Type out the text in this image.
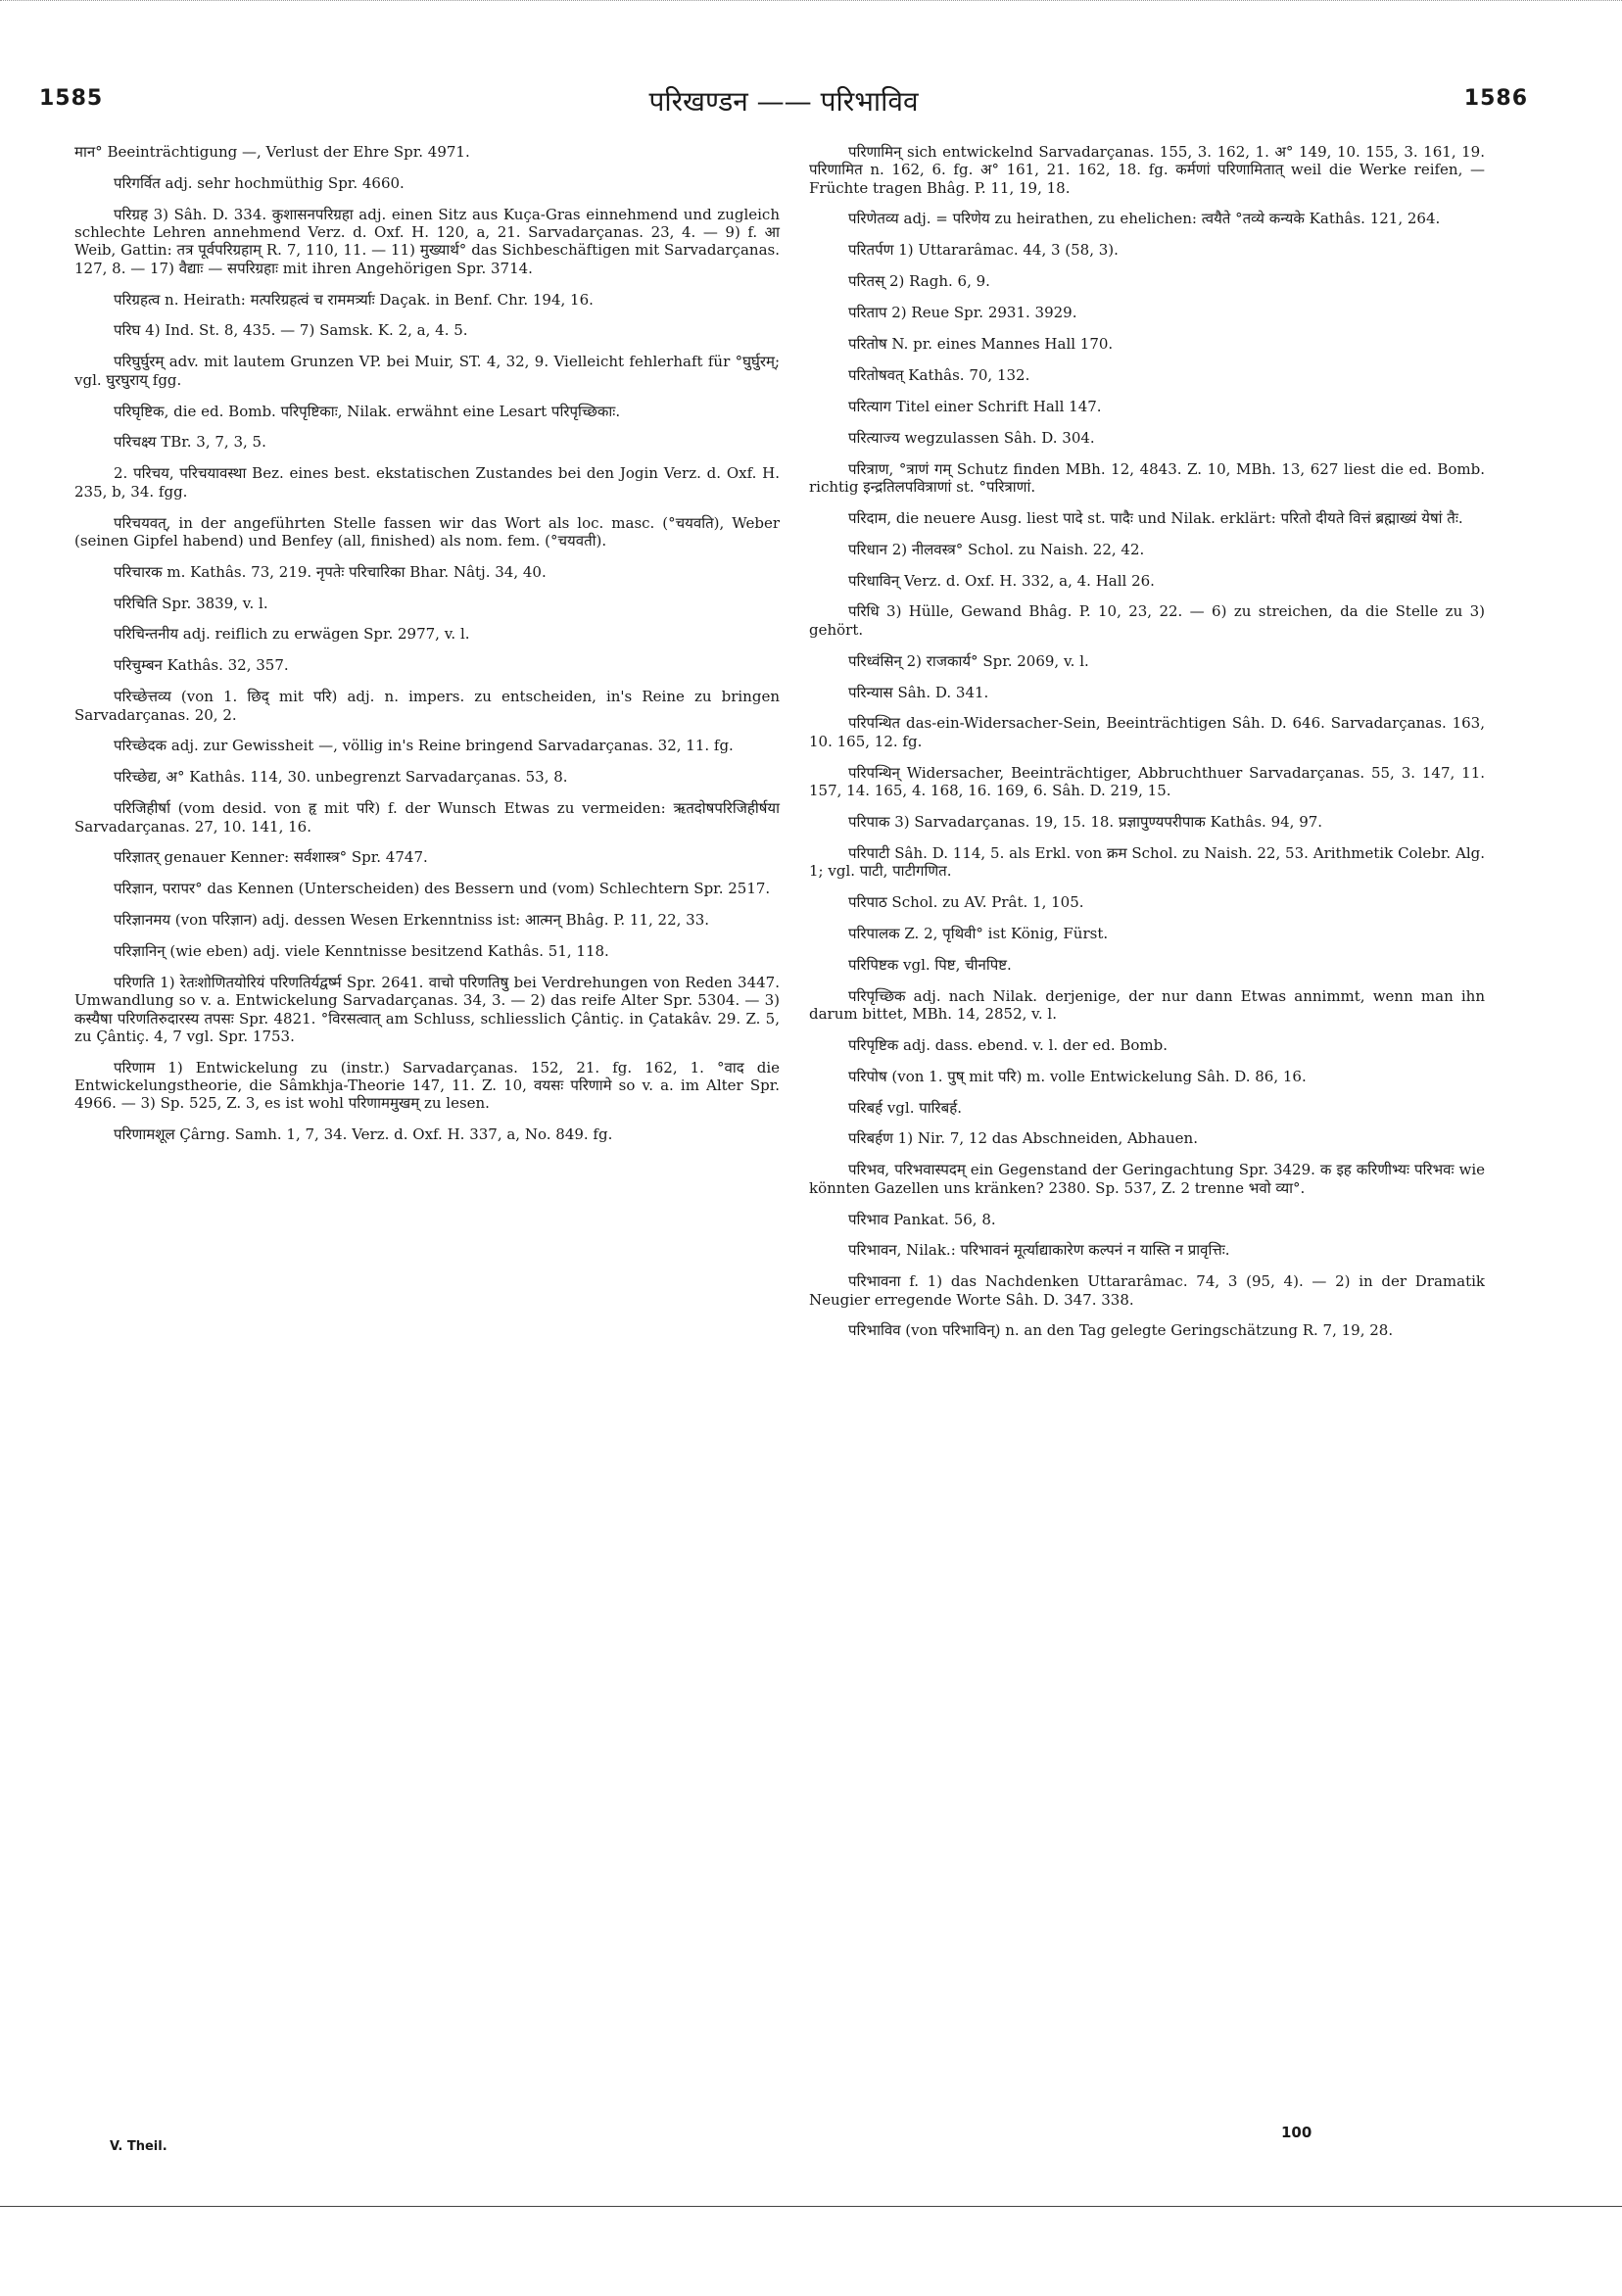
1585	परिखण्डन —— परिभाविव	1586

मान° Beeinträchtigung —, Verlust der Ehre Spr. 4971.

परिगर्वित adj. sehr hochmüthig Spr. 4660.

परिग्रह 3) Sâh. D. 334. कुशासनपरिग्रहा adj. einen Sitz aus Kuça-Gras einnehmend und zugleich schlechte Lehren annehmend Verz. d. Oxf. H. 120, a, 21. Sarvadarçanas. 23, 4. — 9) f. आ Weib, Gattin: तत्र पूर्वपरिग्रहाम् R. 7, 110, 11. — 11) मुख्यार्थ° das Sichbeschäftigen mit Sarvadarçanas. 127, 8. — 17) वैद्याः — सपरिग्रहाः mit ihren Angehörigen Spr. 3714.

परिग्रहत्व n. Heirath: मत्परिग्रहत्वं च राममर्त्र्याः Daçak. in Benf. Chr. 194, 16.

परिघ 4) Ind. St. 8, 435. — 7) Samsk. K. 2, a, 4. 5.

परिघुर्घुरम् adv. mit lautem Grunzen VP. bei Muir, ST. 4, 32, 9. Vielleicht fehlerhaft für °घुर्घुरम्; vgl. घुरघुराय् fgg.

परिघृष्टिक, die ed. Bomb. परिपृष्टिकाः, Nilak. erwähnt eine Lesart परिपृच्छिकाः.

परिचक्ष्य TBr. 3, 7, 3, 5.

2. परिचय, परिचयावस्था Bez. eines best. ekstatischen Zustandes bei den Jogin Verz. d. Oxf. H. 235, b, 34. fgg.

परिचयवत्, in der angeführten Stelle fassen wir das Wort als loc. masc. (°चयवति), Weber (seinen Gipfel habend) und Benfey (all, finished) als nom. fem. (°चयवती).

परिचारक m. Kathâs. 73, 219. नृपतेः परिचारिका Bhar. Nâtj. 34, 40.

परिचिति Spr. 3839, v. l.

परिचिन्तनीय adj. reiflich zu erwägen Spr. 2977, v. l.

परिचुम्बन Kathâs. 32, 357.

परिच्छेत्तव्य (von 1. छिद् mit परि) adj. n. impers. zu entscheiden, in's Reine zu bringen Sarvadarçanas. 20, 2.

परिच्छेदक adj. zur Gewissheit —, völlig in's Reine bringend Sarvadarçanas. 32, 11. fg.

परिच्छेद्य, अ° Kathâs. 114, 30. unbegrenzt Sarvadarçanas. 53, 8.

परिजिहीर्षा (vom desid. von हृ mit परि) f. der Wunsch Etwas zu vermeiden: ऋतदोषपरिजिहीर्षया Sarvadarçanas. 27, 10. 141, 16.

परिज्ञातर् genauer Kenner: सर्वशास्त्र° Spr. 4747.

परिज्ञान, परापर° das Kennen (Unterscheiden) des Bessern und (vom) Schlechtern Spr. 2517.

परिज्ञानमय (von परिज्ञान) adj. dessen Wesen Erkenntniss ist: आत्मन् Bhâg. P. 11, 22, 33.

परिज्ञानिन् (wie eben) adj. viele Kenntnisse besitzend Kathâs. 51, 118.

परिणति 1) रेतःशोणितयोरियं परिणतिर्यद्वर्ष्म Spr. 2641. वाचो परिणतिषु bei Verdrehungen von Reden 3447. Umwandlung so v. a. Entwickelung Sarvadarçanas. 34, 3. — 2) das reife Alter Spr. 5304. — 3) कस्यैषा परिणतिरुदारस्य तपसः Spr. 4821. °विरसत्वात् am Schluss, schliesslich Çântiç. in Çatakâv. 29. Z. 5, zu Çântiç. 4, 7 vgl. Spr. 1753.

परिणाम 1) Entwickelung zu (instr.) Sarvadarçanas. 152, 21. fg. 162, 1. °वाद die Entwickelungstheorie, die Sâmkhja-Theorie 147, 11. Z. 10, वयसः परिणामे so v. a. im Alter Spr. 4966. — 3) Sp. 525, Z. 3, es ist wohl परिणाममुखम् zu lesen.

परिणामशूल Çârng. Samh. 1, 7, 34. Verz. d. Oxf. H. 337, a, No. 849. fg.

परिणामिन् sich entwickelnd Sarvadarçanas. 155, 3. 162, 1. अ° 149, 10. 155, 3. 161, 19. परिणामित n. 162, 6. fg. अ° 161, 21. 162, 18. fg. कर्मणां परिणामितात् weil die Werke reifen, — Früchte tragen Bhâg. P. 11, 19, 18.

परिणेतव्य adj. = परिणेय zu heirathen, zu ehelichen: त्वयैते °तव्ये कन्यके Kathâs. 121, 264.

परितर्पण 1) Uttararâmac. 44, 3 (58, 3).

परितस् 2) Ragh. 6, 9.

परिताप 2) Reue Spr. 2931. 3929.

परितोष N. pr. eines Mannes Hall 170.

परितोषवत् Kathâs. 70, 132.

परित्याग Titel einer Schrift Hall 147.

परित्याज्य wegzulassen Sâh. D. 304.

परित्राण, °त्राणं गम् Schutz finden MBh. 12, 4843. Z. 10, MBh. 13, 627 liest die ed. Bomb. richtig इन्द्रतिलपवित्राणां st. °परित्राणां.

परिदाम, die neuere Ausg. liest पादे st. पादैः und Nilak. erklärt: परितो दीयते वित्तं ब्रह्माख्यं येषां तैः.

परिधान 2) नीलवस्त्र° Schol. zu Naish. 22, 42.

परिधाविन् Verz. d. Oxf. H. 332, a, 4. Hall 26.

परिधि 3) Hülle, Gewand Bhâg. P. 10, 23, 22. — 6) zu streichen, da die Stelle zu 3) gehört.

परिध्वंसिन् 2) राजकार्य° Spr. 2069, v. l.

परिन्यास Sâh. D. 341.

परिपन्थित das-ein-Widersacher-Sein, Beeinträchtigen Sâh. D. 646. Sarvadarçanas. 163, 10. 165, 12. fg.

परिपन्थिन् Widersacher, Beeinträchtiger, Abbruchthuer Sarvadarçanas. 55, 3. 147, 11. 157, 14. 165, 4. 168, 16. 169, 6. Sâh. D. 219, 15.

परिपाक 3) Sarvadarçanas. 19, 15. 18. प्रज्ञापुण्यपरीपाक Kathâs. 94, 97.

परिपाटी Sâh. D. 114, 5. als Erkl. von क्रम Schol. zu Naish. 22, 53. Arithmetik Colebr. Alg. 1; vgl. पाटी, पाटीगणित.

परिपाठ Schol. zu AV. Prât. 1, 105.

परिपालक Z. 2, पृथिवी° ist König, Fürst.

परिपिष्टक vgl. पिष्ट, चीनपिष्ट.

परिपृच्छिक adj. nach Nilak. derjenige, der nur dann Etwas annimmt, wenn man ihn darum bittet, MBh. 14, 2852, v. l.

परिपृष्टिक adj. dass. ebend. v. l. der ed. Bomb.

परिपोष (von 1. पुष् mit परि) m. volle Entwickelung Sâh. D. 86, 16.

परिबर्ह vgl. पारिबर्ह.

परिबर्हण 1) Nir. 7, 12 das Abschneiden, Abhauen.

परिभव, परिभवास्पदम् ein Gegenstand der Geringachtung Spr. 3429. क इह करिणीभ्यः परिभवः wie könnten Gazellen uns kränken? 2380. Sp. 537, Z. 2 trenne भवो व्या°.

परिभाव Pankat. 56, 8.

परिभावन, Nilak.: परिभावनं मूर्त्याद्याकारेण कल्पनं न यास्ति न प्रावृत्तिः.

परिभावना f. 1) das Nachdenken Uttararâmac. 74, 3 (95, 4). — 2) in der Dramatik Neugier erregende Worte Sâh. D. 347. 338.

परिभाविव (von परिभाविन्) n. an den Tag gelegte Geringschätzung R. 7, 19, 28.

V. Theil.
100
